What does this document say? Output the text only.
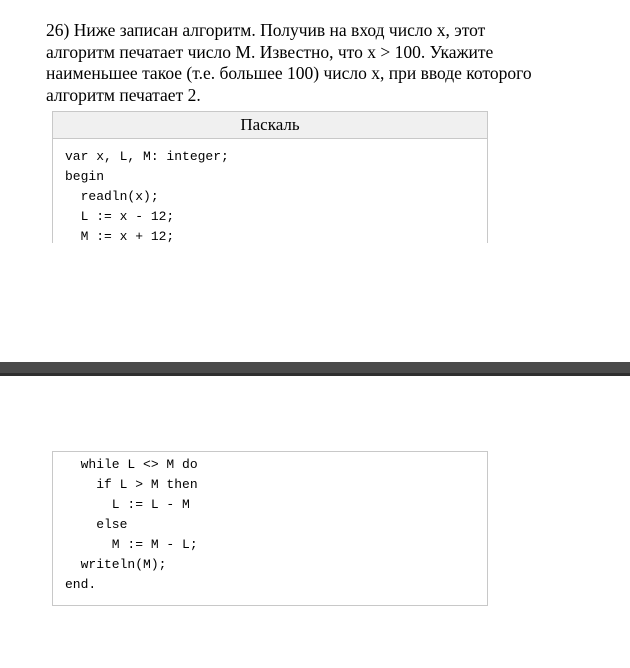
26) Ниже записан алгоритм. Получив на вход число x, этот
алгоритм печатает число M. Известно, что x > 100. Укажите
наименьшее такое (т.е. большее 100) число x, при вводе которого
алгоритм печатает 2.
Паскаль
var x, L, M: integer;
begin
readln(x);
L := x - 12;
M := x + 12;
while L <> M do
if L > M then
L := L - M
else
M := M - L;
writeln(M);
end.
